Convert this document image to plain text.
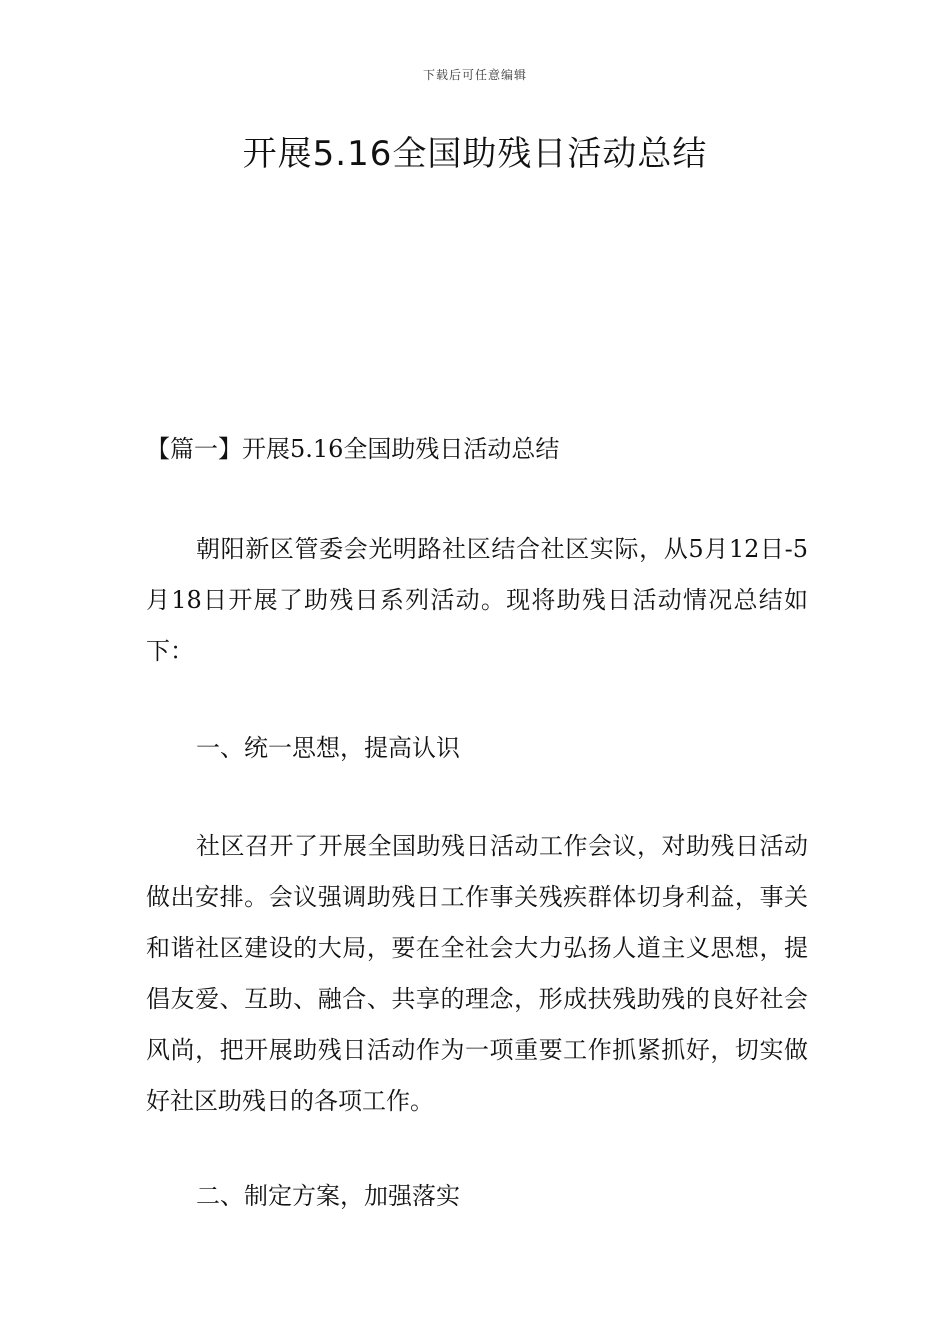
下载后可任意编辑
开展5.16全国助残日活动总结

【篇一】开展5.16全国助残日活动总结

朝阳新区管委会光明路社区结合社区实际，从5月12日-5月18日开展了助残日系列活动。现将助残日活动情况总结如下：

一、统一思想，提高认识

社区召开了开展全国助残日活动工作会议，对助残日活动做出安排。会议强调助残日工作事关残疾群体切身利益，事关和谐社区建设的大局，要在全社会大力弘扬人道主义思想，提倡友爱、互助、融合、共享的理念，形成扶残助残的良好社会风尚，把开展助残日活动作为一项重要工作抓紧抓好，切实做好社区助残日的各项工作。

二、制定方案，加强落实
